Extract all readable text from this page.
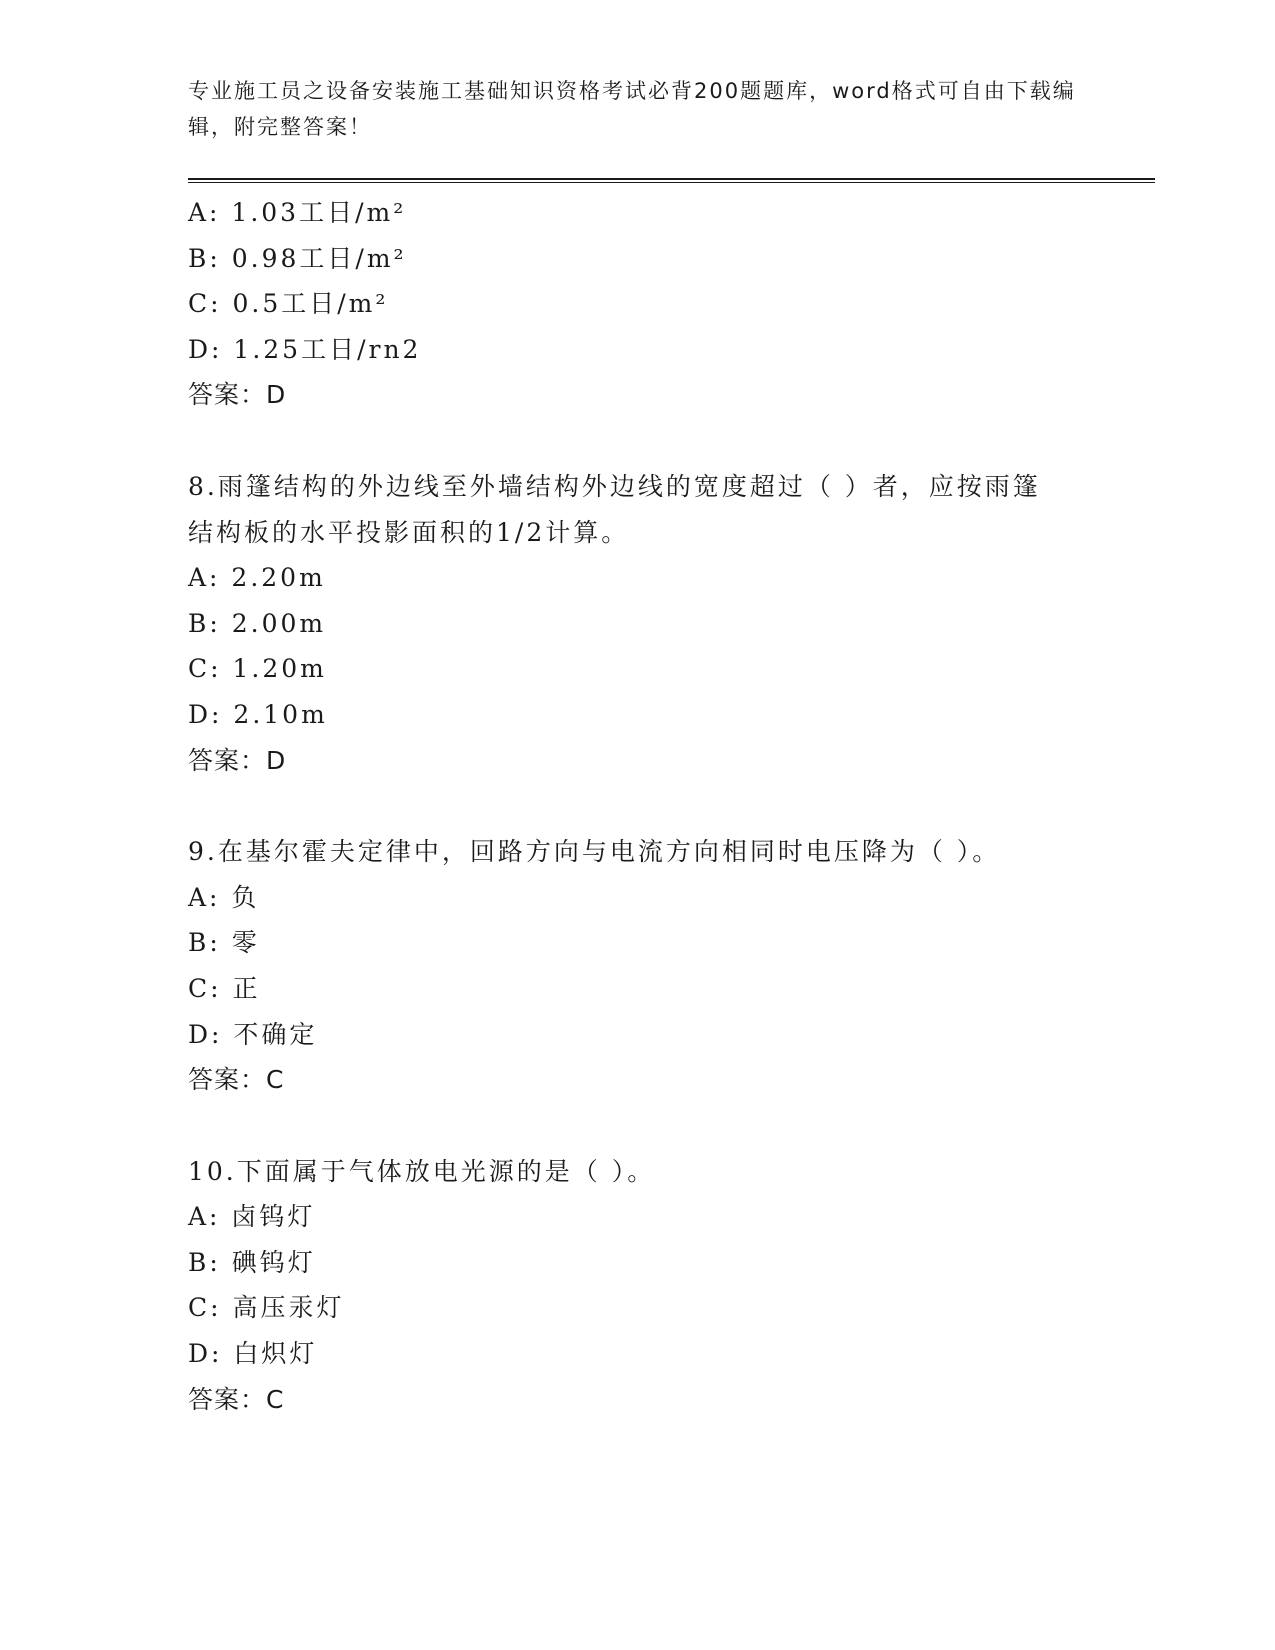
专业施工员之设备安装施工基础知识资格考试必背200题题库，word格式可自由下载编辑，附完整答案！
A: 1.03工日/m²
B: 0.98工日/m²
C: 0.5工日/m²
D: 1.25工日/rn2
答案：D
8.雨篷结构的外边线至外墙结构外边线的宽度超过（ ）者，应按雨篷
结构板的水平投影面积的1/2计算。
A: 2.20m
B: 2.00m
C: 1.20m
D: 2.10m
答案：D
9.在基尔霍夫定律中，回路方向与电流方向相同时电压降为（ ）。
A: 负
B: 零
C: 正
D: 不确定
答案：C
10.下面属于气体放电光源的是（ ）。
A: 卤钨灯
B: 碘钨灯
C: 高压汞灯
D: 白炽灯
答案：C
